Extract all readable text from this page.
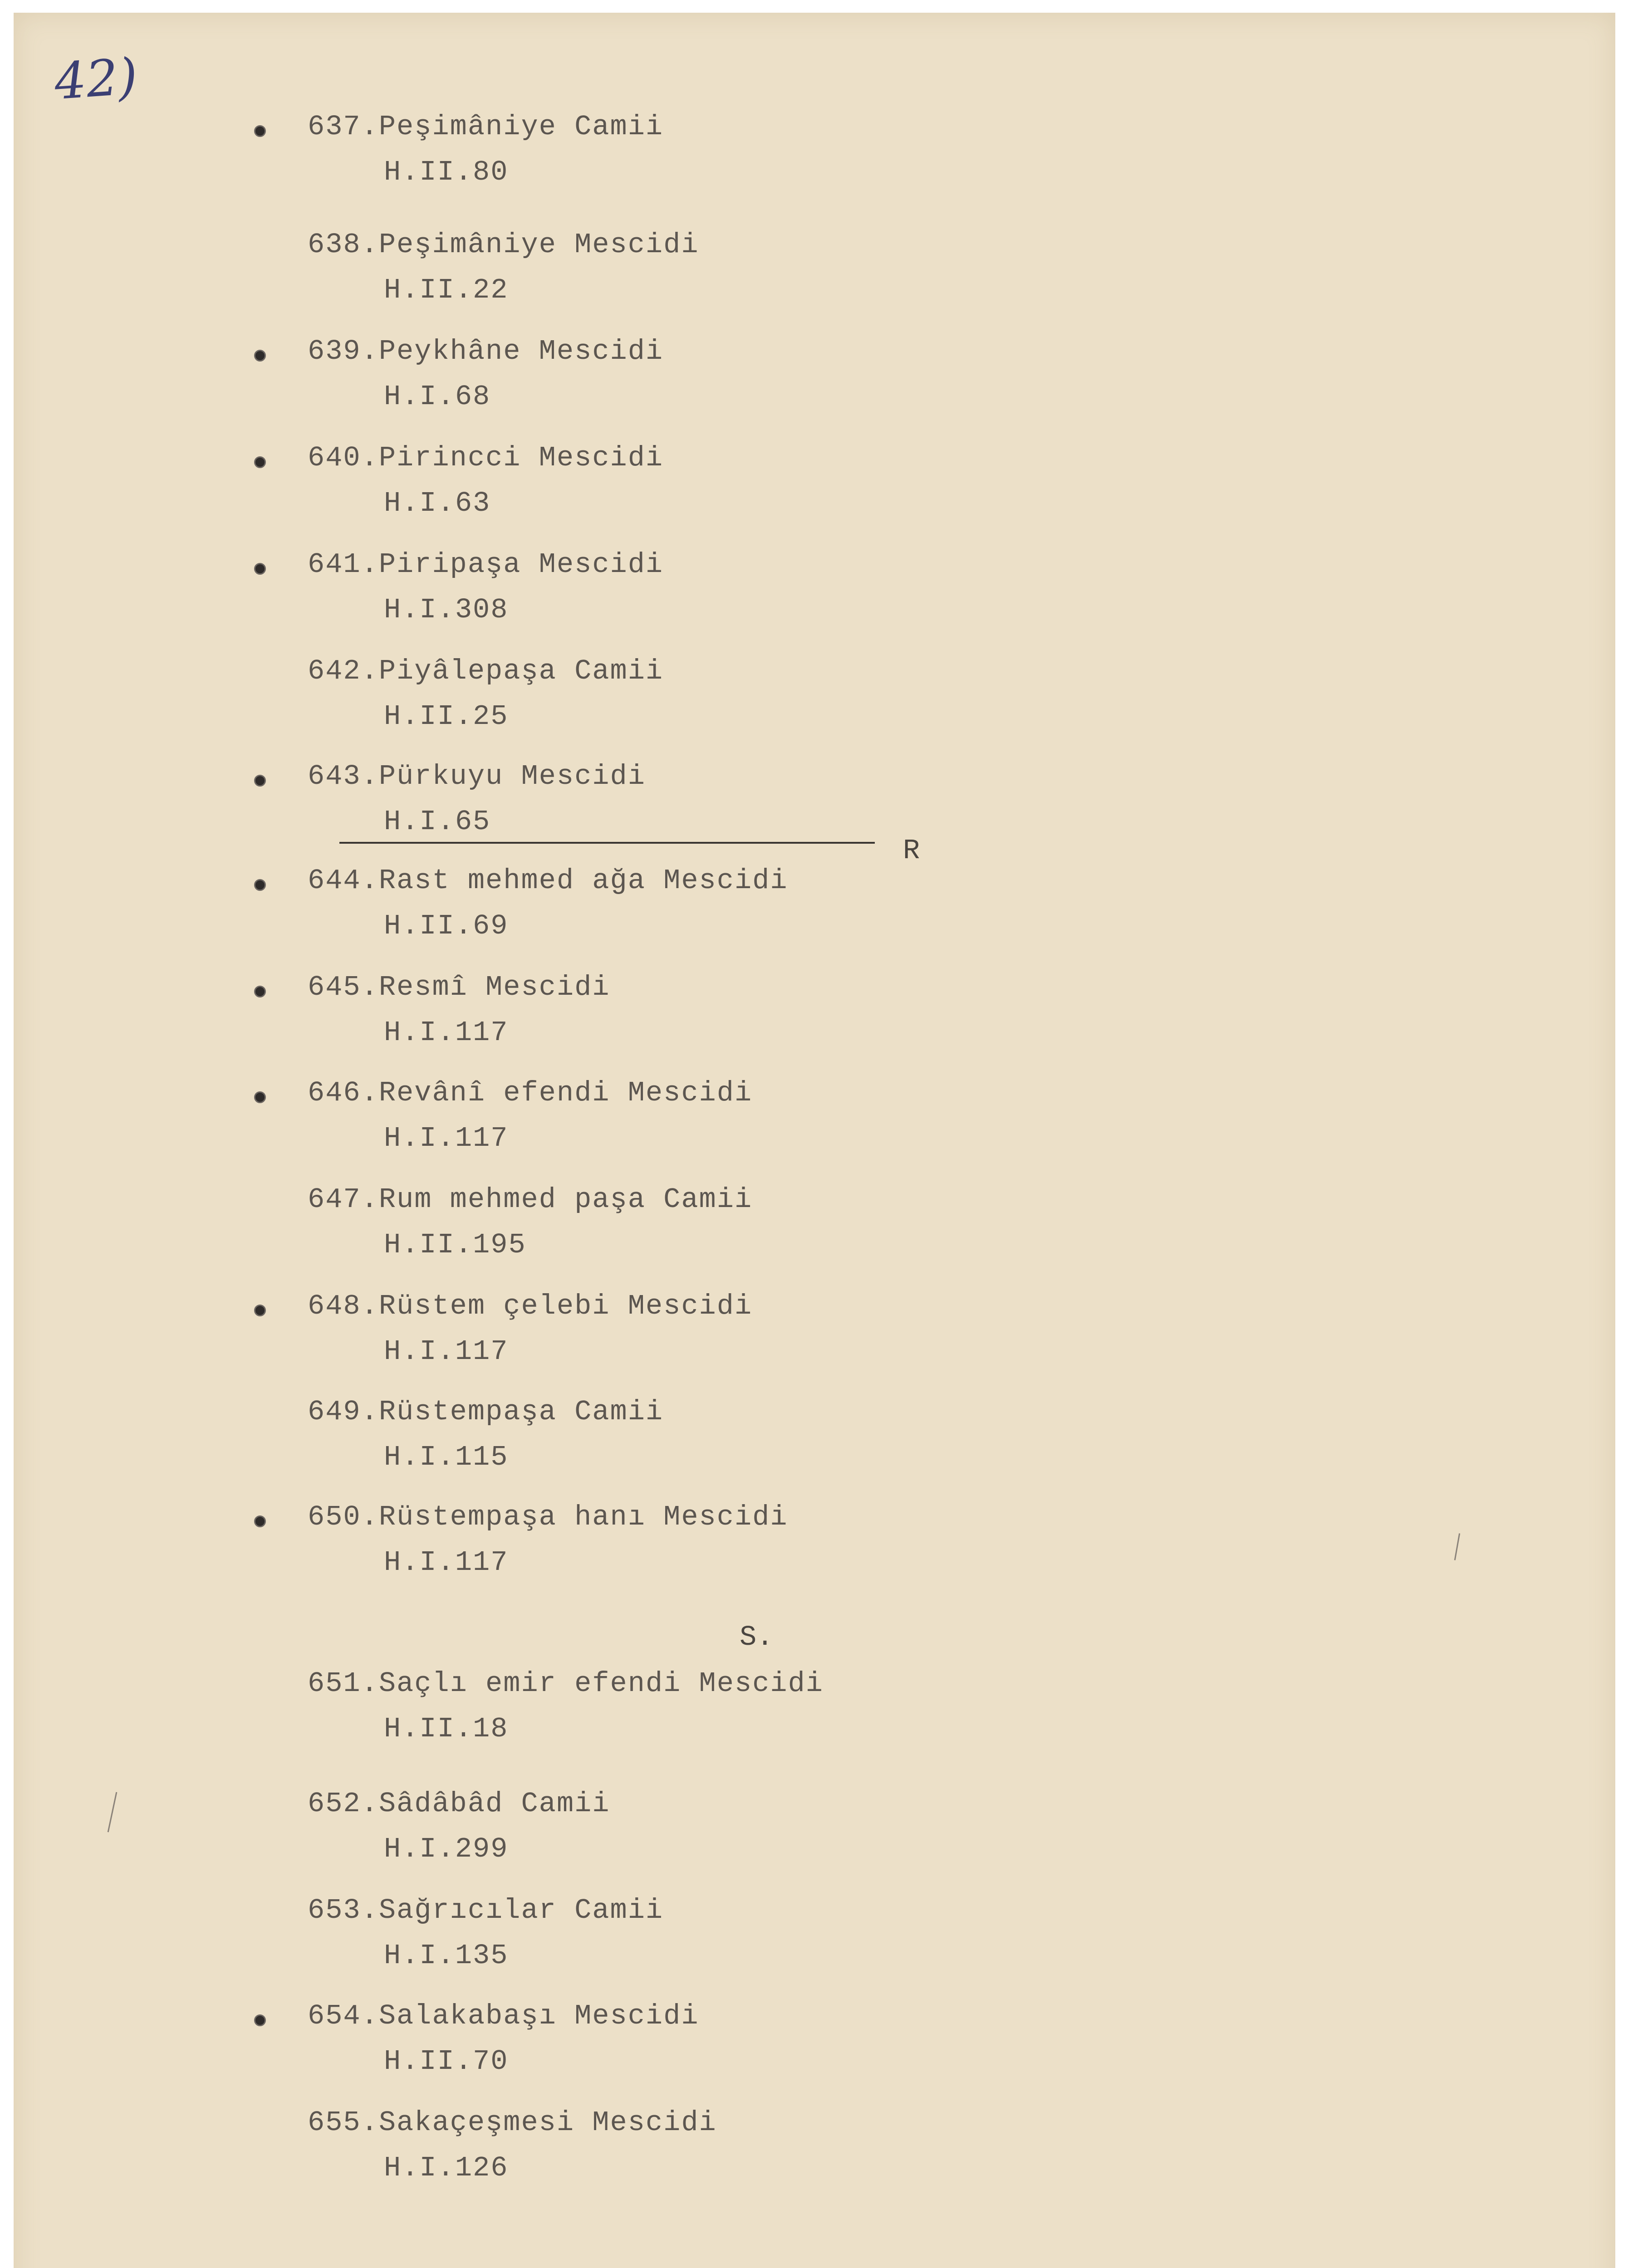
42)
637.Peşimâniye Camii
H.II.80
638.Peşimâniye Mescidi
H.II.22
639.Peykhâne Mescidi
H.I.68
640.Pirincci Mescidi
H.I.63
641.Piripaşa Mescidi
H.I.308
642.Piyâlepaşa Camii
H.II.25
643.Pürkuyu Mescidi
H.I.65
R
644.Rast mehmed ağa Mescidi
H.II.69
645.Resmî Mescidi
H.I.117
646.Revânî efendi Mescidi
H.I.117
647.Rum mehmed paşa Camii
H.II.195
648.Rüstem çelebi Mescidi
H.I.117
649.Rüstempaşa Camii
H.I.115
650.Rüstempaşa hanı Mescidi
H.I.117
S.
651.Saçlı emir efendi Mescidi
H.II.18
652.Sâdâbâd Camii
H.I.299
653.Sağrıcılar Camii
H.I.135
654.Salakabaşı Mescidi
H.II.70
655.Sakaçeşmesi Mescidi
H.I.126
